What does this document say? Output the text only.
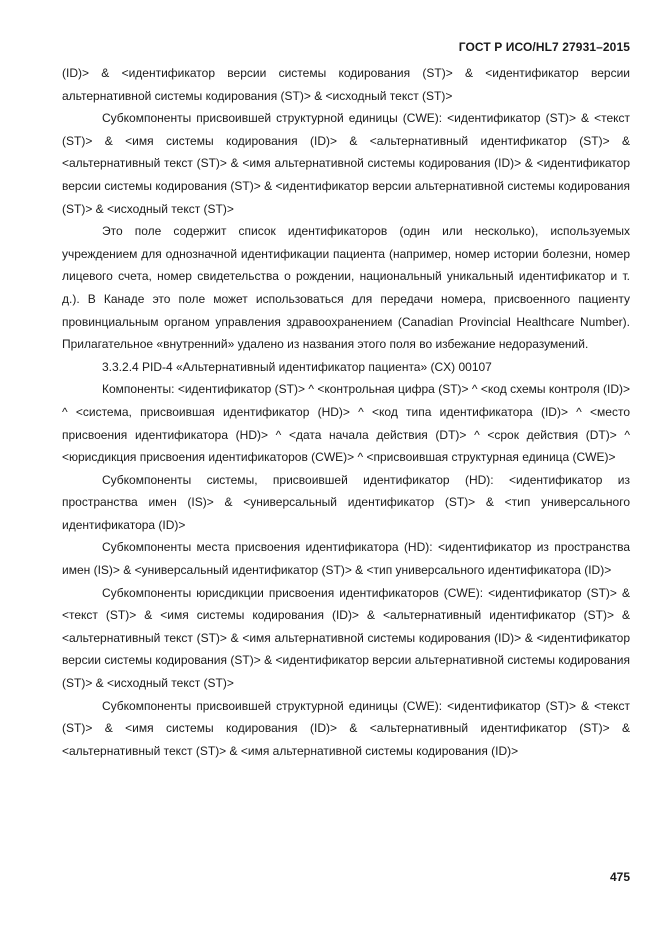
ГОСТ Р ИСО/HL7 27931–2015

(ID)> & <идентификатор версии системы кодирования (ST)> & <идентификатор версии альтернативной системы кодирования (ST)> & <исходный текст (ST)>

Субкомпоненты присвоившей структурной единицы (CWE): <идентификатор (ST)> & <текст (ST)> & <имя системы кодирования (ID)> & <альтернативный идентификатор (ST)> & <альтернативный текст (ST)> & <имя альтернативной системы кодирования (ID)> & <идентификатор версии системы кодирования (ST)> & <идентификатор версии альтернативной системы кодирования (ST)> & <исходный текст (ST)>

Это поле содержит список идентификаторов (один или несколько), используемых учреждением для однозначной идентификации пациента (например, номер истории болезни, номер лицевого счета, номер свидетельства о рождении, национальный уникальный идентификатор и т. д.). В Канаде это поле может использоваться для передачи номера, присвоенного пациенту провинциальным органом управления здравоохранением (Canadian Provincial Healthcare Number). Прилагательное «внутренний» удалено из названия этого поля во избежание недоразумений.

3.3.2.4 PID-4 «Альтернативный идентификатор пациента» (CX) 00107

Компоненты: <идентификатор (ST)> ^ <контрольная цифра (ST)> ^ <код схемы контроля (ID)> ^ <система, присвоившая идентификатор (HD)> ^ <код типа идентификатора (ID)> ^ <место присвоения идентификатора (HD)> ^ <дата начала действия (DT)> ^ <срок действия (DT)> ^ <юрисдикция присвоения идентификаторов (CWE)> ^ <присвоившая структурная единица (CWE)>

Субкомпоненты системы, присвоившей идентификатор (HD): <идентификатор из пространства имен (IS)> & <универсальный идентификатор (ST)> & <тип универсального идентификатора (ID)>

Субкомпоненты места присвоения идентификатора (HD): <идентификатор из пространства имен (IS)> & <универсальный идентификатор (ST)> & <тип универсального идентификатора (ID)>

Субкомпоненты юрисдикции присвоения идентификаторов (CWE): <идентификатор (ST)> & <текст (ST)> & <имя системы кодирования (ID)> & <альтернативный идентификатор (ST)> & <альтернативный текст (ST)> & <имя альтернативной системы кодирования (ID)> & <идентификатор версии системы кодирования (ST)> & <идентификатор версии альтернативной системы кодирования (ST)> & <исходный текст (ST)>

Субкомпоненты присвоившей структурной единицы (CWE): <идентификатор (ST)> & <текст (ST)> & <имя системы кодирования (ID)> & <альтернативный идентификатор (ST)> & <альтернативный текст (ST)> & <имя альтернативной системы кодирования (ID)>

475
